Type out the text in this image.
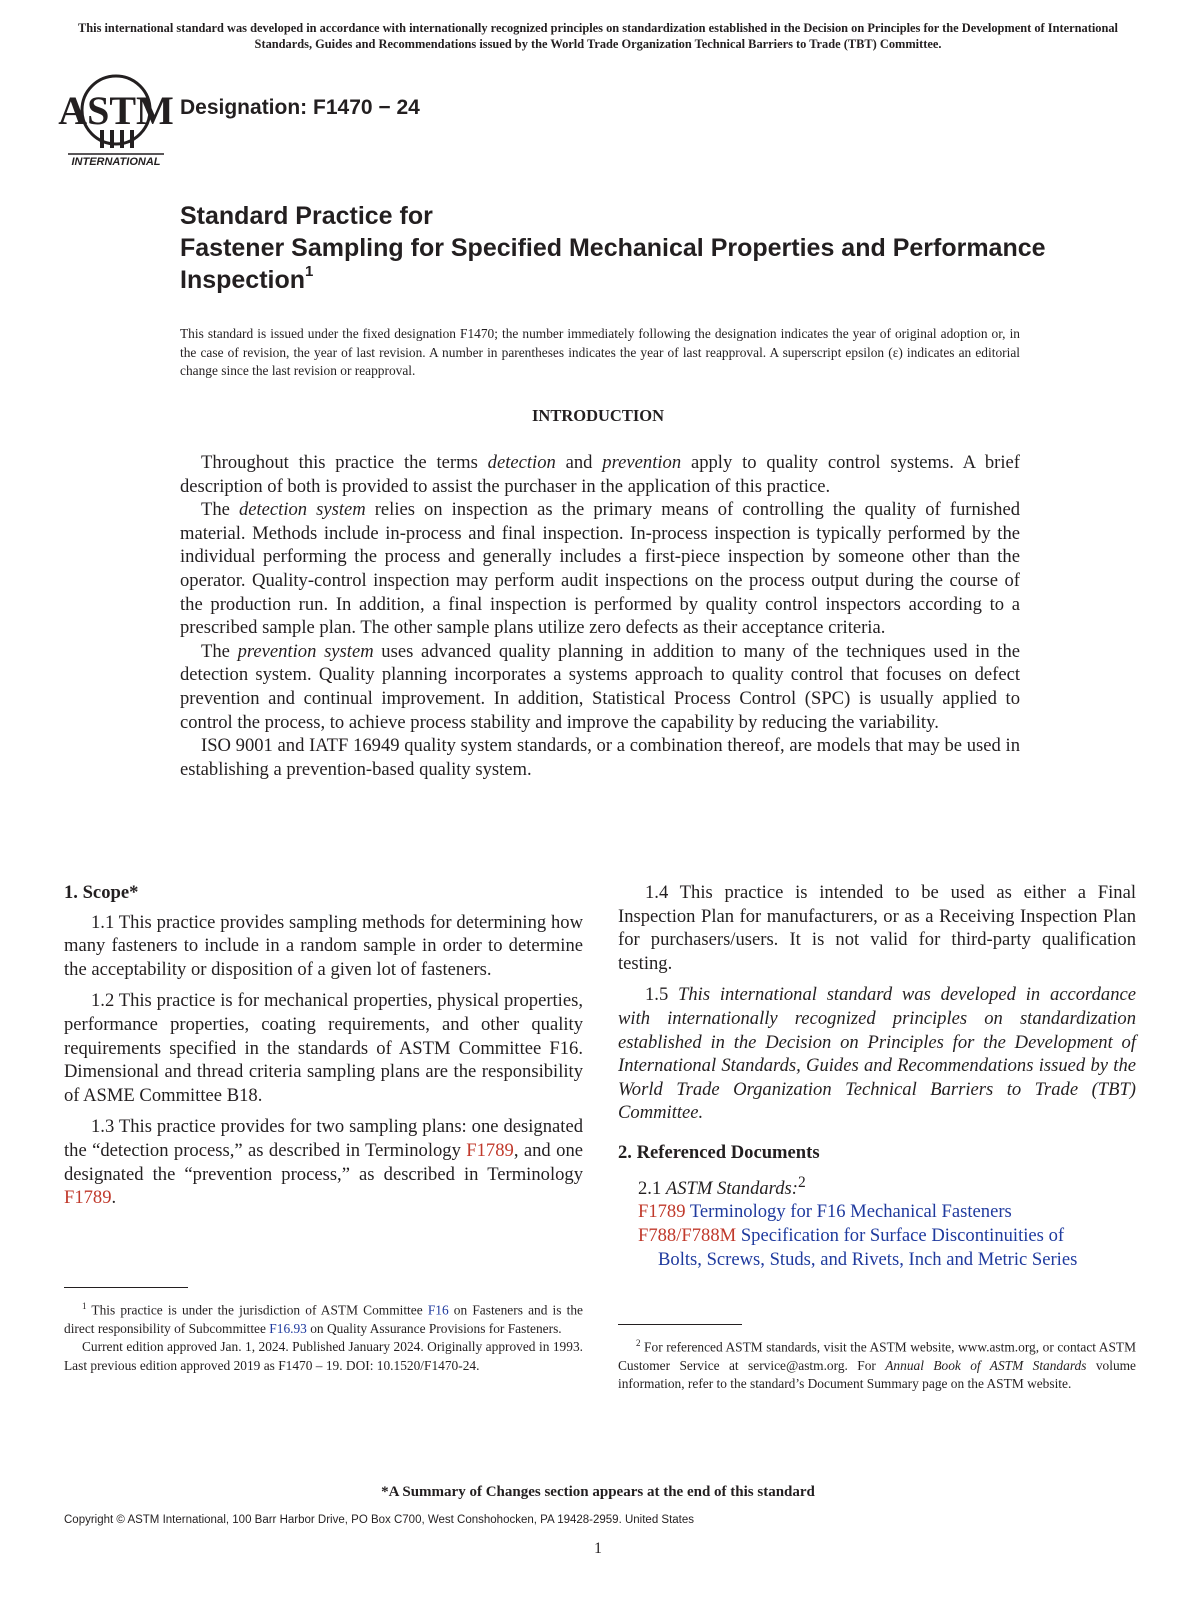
This international standard was developed in accordance with internationally recognized principles on standardization established in the Decision on Principles for the Development of International Standards, Guides and Recommendations issued by the World Trade Organization Technical Barriers to Trade (TBT) Committee.
ASTM
INTERNATIONAL
Designation: F1470 − 24
Standard Practice for
Fastener Sampling for Specified Mechanical Properties and Performance Inspection$^1$
This standard is issued under the fixed designation F1470; the number immediately following the designation indicates the year of original adoption or, in the case of revision, the year of last revision. A number in parentheses indicates the year of last reapproval. A superscript epsilon (ε) indicates an editorial change since the last revision or reapproval.
INTRODUCTION

Throughout this practice the terms detection and prevention apply to quality control systems. A brief description of both is provided to assist the purchaser in the application of this practice.

The detection system relies on inspection as the primary means of controlling the quality of furnished material. Methods include in-process and final inspection. In-process inspection is typically performed by the individual performing the process and generally includes a first-piece inspection by someone other than the operator. Quality-control inspection may perform audit inspections on the process output during the course of the production run. In addition, a final inspection is performed by quality control inspectors according to a prescribed sample plan. The other sample plans utilize zero defects as their acceptance criteria.

The prevention system uses advanced quality planning in addition to many of the techniques used in the detection system. Quality planning incorporates a systems approach to quality control that focuses on defect prevention and continual improvement. In addition, Statistical Process Control (SPC) is usually applied to control the process, to achieve process stability and improve the capability by reducing the variability.

ISO 9001 and IATF 16949 quality system standards, or a combination thereof, are models that may be used in establishing a prevention-based quality system.

1. Scope*

1.1 This practice provides sampling methods for determining how many fasteners to include in a random sample in order to determine the acceptability or disposition of a given lot of fasteners.

1.2 This practice is for mechanical properties, physical properties, performance properties, coating requirements, and other quality requirements specified in the standards of ASTM Committee F16. Dimensional and thread criteria sampling plans are the responsibility of ASME Committee B18.

1.3 This practice provides for two sampling plans: one designated the “detection process,” as described in Terminology F1789, and one designated the “prevention process,” as described in Terminology F1789.

$^1$ This practice is under the jurisdiction of ASTM Committee F16 on Fasteners and is the direct responsibility of Subcommittee F16.93 on Quality Assurance Provisions for Fasteners.

Current edition approved Jan. 1, 2024. Published January 2024. Originally approved in 1993. Last previous edition approved 2019 as F1470 – 19. DOI: 10.1520/F1470-24.

1.4 This practice is intended to be used as either a Final Inspection Plan for manufacturers, or as a Receiving Inspection Plan for purchasers/users. It is not valid for third-party qualification testing.

1.5 This international standard was developed in accordance with internationally recognized principles on standardization established in the Decision on Principles for the Development of International Standards, Guides and Recommendations issued by the World Trade Organization Technical Barriers to Trade (TBT) Committee.

2. Referenced Documents

2.1 ASTM Standards:$^2$

F1789 Terminology for F16 Mechanical Fasteners

F788/F788M Specification for Surface Discontinuities of

Bolts, Screws, Studs, and Rivets, Inch and Metric Series

$^2$ For referenced ASTM standards, visit the ASTM website, www.astm.org, or contact ASTM Customer Service at service@astm.org. For Annual Book of ASTM Standards volume information, refer to the standard’s Document Summary page on the ASTM website.

*A Summary of Changes section appears at the end of this standard
Copyright © ASTM International, 100 Barr Harbor Drive, PO Box C700, West Conshohocken, PA 19428-2959. United States
1
